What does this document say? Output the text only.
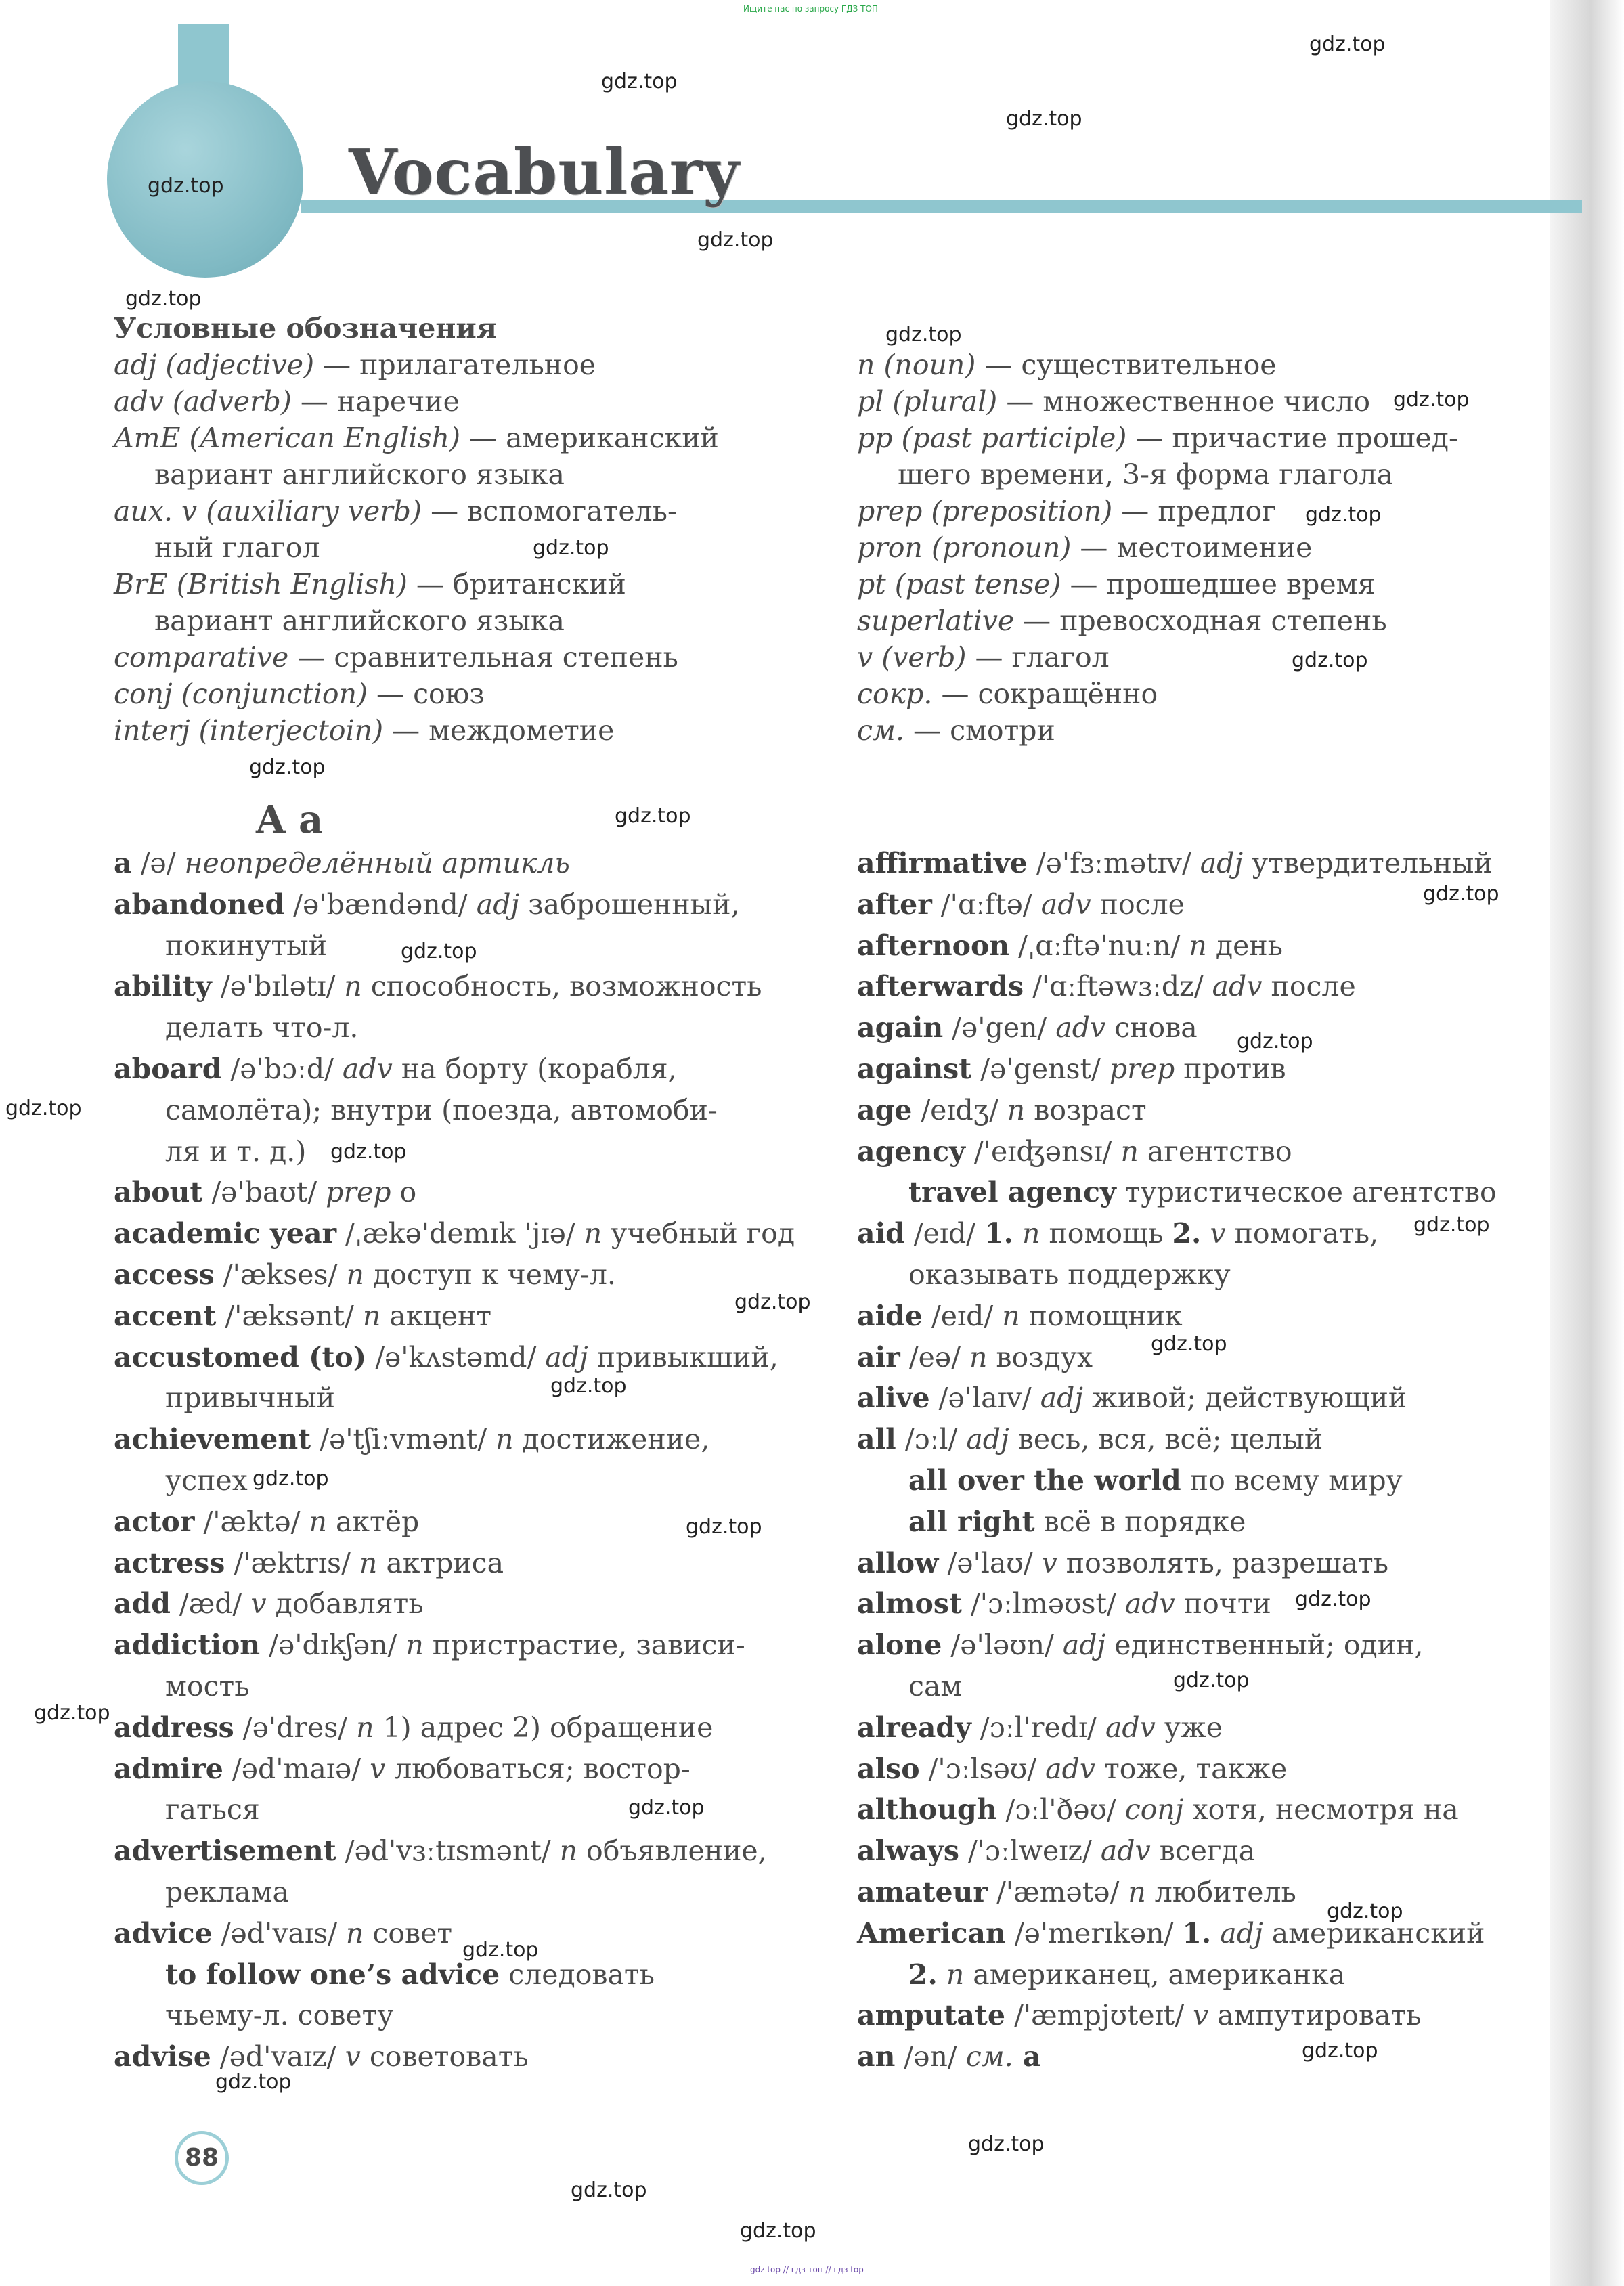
Ищите нас по запросу ГДЗ ТОП
Vocabulary
Условные обозначения
adj (adjective) — прилагательное
adv (adverb) — наречие
AmE (American English) — американский
вариант английского языка
aux. v (auxiliary verb) — вспомогатель-
ный глагол
BrE (British English) — британский
вариант английского языка
comparative — сравнительная степень
conj (conjunction) — союз
interj (interjectoin) — междометие
n (noun) — существительное
pl (plural) — множественное число
pp (past participle) — причастие прошед-
шего времени, 3-я форма глагола
prep (preposition) — предлог
pron (pronoun) — местоимение
pt (past tense) — прошедшее время
superlative — превосходная степень
v (verb) — глагол
сокр. — сокращённо
см. — смотри
A a
a /ə/ неопределённый артикль
abandoned /ə'bændənd/ adj заброшенный,
покинутый
ability /ə'bɪlətɪ/ n способность, возможность
делать что-л.
aboard /ə'bɔːd/ adv на борту (корабля,
самолёта); внутри (поезда, автомоби-
ля и т. д.)
about /ə'baʊt/ prep о
academic year /ˌækə'demɪk 'jɪə/ n учебный год
access /'ækses/ n доступ к чему-л.
accent /'æksənt/ n акцент
accustomed (to) /ə'kʌstəmd/ adj привыкший,
привычный
achievement /ə'tʃiːvmənt/ n достижение,
успех
actor /'æktə/ n актёр
actress /'æktrɪs/ n актриса
add /æd/ v добавлять
addiction /ə'dɪkʃən/ n пристрастие, зависи-
мость
address /ə'dres/ n 1) адрес 2) обращение
admire /əd'maɪə/ v любоваться; востор-
гаться
advertisement /əd'vɜːtɪsmənt/ n объявление,
реклама
advice /əd'vaɪs/ n совет
to follow one’s advice следовать
чьему-л. совету
advise /əd'vaɪz/ v советовать
affirmative /ə'fɜːmətɪv/ adj утвердительный
after /'ɑːftə/ adv после
afternoon /ˌɑːftə'nuːn/ n день
afterwards /'ɑːftəwɜːdz/ adv после
again /ə'gen/ adv снова
against /ə'genst/ prep против
age /eɪdʒ/ n возраст
agency /'eɪʤənsɪ/ n агентство
travel agency туристическое агентство
aid /eɪd/ 1. n помощь 2. v помогать,
оказывать поддержку
aide /eɪd/ n помощник
air /eə/ n воздух
alive /ə'laɪv/ adj живой; действующий
all /ɔːl/ adj весь, вся, всё; целый
all over the world по всему миру
all right всё в порядке
allow /ə'laʊ/ v позволять, разрешать
almost /'ɔːlməʊst/ adv почти
alone /ə'ləʊn/ adj единственный; один,
сам
already /ɔːl'redɪ/ adv уже
also /'ɔːlsəʊ/ adv тоже, также
although /ɔːl'ðəʊ/ conj хотя, несмотря на
always /'ɔːlweɪz/ adv всегда
amateur /'æmətə/ n любитель
American /ə'merɪkən/ 1. adj американский
2. n американец, американка
amputate /'æmpjʊteɪt/ v ампутировать
an /ən/ см. a
88
gdz top // гдз топ // гдз top
gdz.top
gdz.top
gdz.top
gdz.top
gdz.top
gdz.top
gdz.top
gdz.top
gdz.top
gdz.top
gdz.top
gdz.top
gdz.top
gdz.top
gdz.top
gdz.top
gdz.top
gdz.top
gdz.top
gdz.top
gdz.top
gdz.top
gdz.top
gdz.top
gdz.top
gdz.top
gdz.top
gdz.top
gdz.top
gdz.top
gdz.top
gdz.top
gdz.top
gdz.top
gdz.top
